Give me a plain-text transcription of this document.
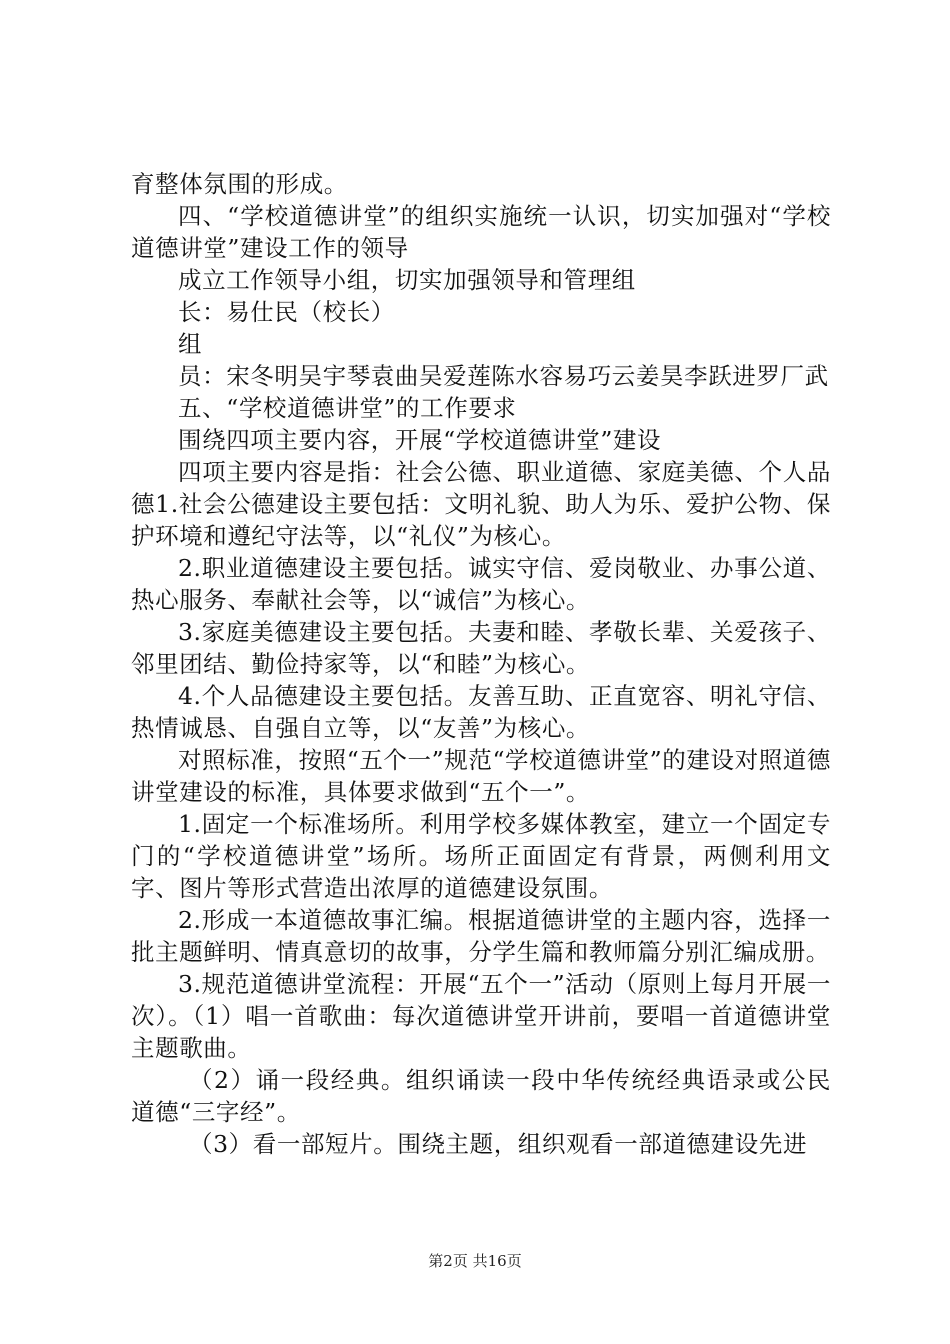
育整体氛围的形成。

四、“学校道德讲堂”的组织实施统一认识，切实加强对“学校道德讲堂”建设工作的领导

成立工作领导小组，切实加强领导和管理组

长：易仕民（校长）

组

员：宋冬明吴宇琴袁曲吴爱莲陈水容易巧云姜昊李跃进罗厂武

五、“学校道德讲堂”的工作要求

围绕四项主要内容，开展“学校道德讲堂”建设

四项主要内容是指：社会公德、职业道德、家庭美德、个人品德1.社会公德建设主要包括：文明礼貌、助人为乐、爱护公物、保护环境和遵纪守法等，以“礼仪”为核心。

2.职业道德建设主要包括。诚实守信、爱岗敬业、办事公道、热心服务、奉献社会等，以“诚信”为核心。

3.家庭美德建设主要包括。夫妻和睦、孝敬长辈、关爱孩子、邻里团结、勤俭持家等，以“和睦”为核心。

4.个人品德建设主要包括。友善互助、正直宽容、明礼守信、热情诚恳、自强自立等，以“友善”为核心。

对照标准，按照“五个一”规范“学校道德讲堂”的建设对照道德讲堂建设的标准，具体要求做到“五个一”。

1.固定一个标准场所。利用学校多媒体教室，建立一个固定专门的“学校道德讲堂”场所。场所正面固定有背景，两侧利用文字、图片等形式营造出浓厚的道德建设氛围。

2.形成一本道德故事汇编。根据道德讲堂的主题内容，选择一批主题鲜明、情真意切的故事，分学生篇和教师篇分别汇编成册。

3.规范道德讲堂流程：开展“五个一”活动（原则上每月开展一次）。（1）唱一首歌曲：每次道德讲堂开讲前，要唱一首道德讲堂主题歌曲。

（2）诵一段经典。组织诵读一段中华传统经典语录或公民道德“三字经”。

（3）看一部短片。围绕主题，组织观看一部道德建设先进

第2页 共16页
